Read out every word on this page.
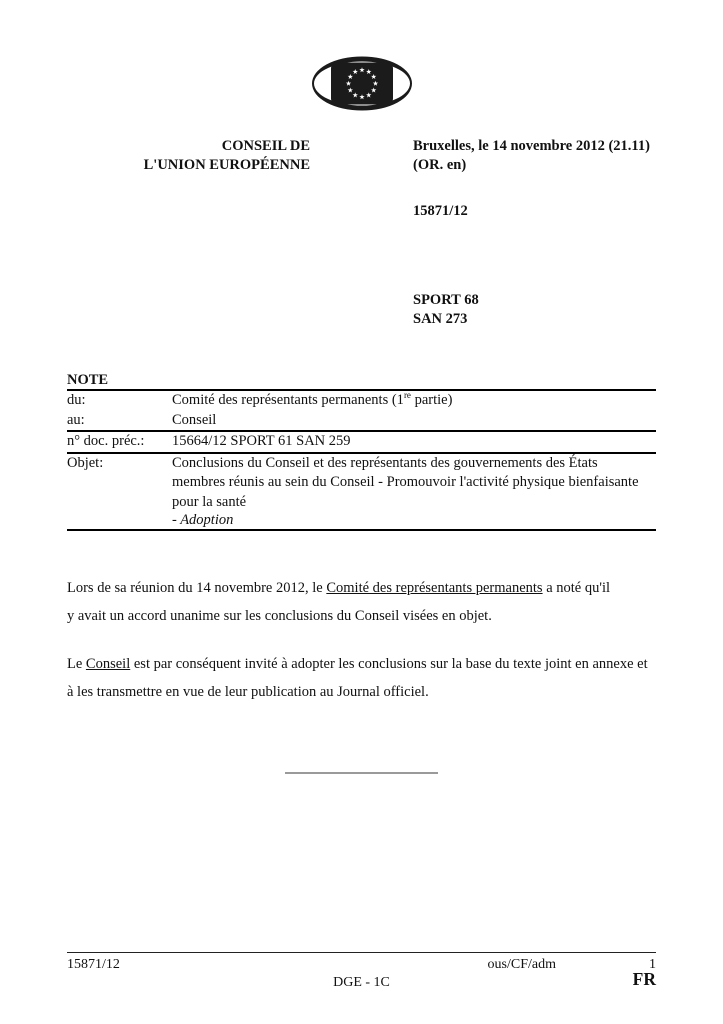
CONSEIL DE
L'UNION EUROPÉENNE
Bruxelles, le 14 novembre 2012 (21.11)
(OR. en)
15871/12
SPORT 68
SAN 273
NOTE
du:	Comité des représentants permanents (1re partie)
au:	Conseil
n° doc. préc.:	15664/12 SPORT 61 SAN 259
Objet:	Conclusions du Conseil et des représentants des gouvernements des États
membres réunis au sein du Conseil - Promouvoir l'activité physique bienfaisante
pour la santé
- Adoption
Lors de sa réunion du 14 novembre 2012, le Comité des représentants permanents a noté qu'il
y avait un accord unanime sur les conclusions du Conseil visées en objet.
Le Conseil est par conséquent invité à adopter les conclusions sur la base du texte joint en annexe et
à les transmettre en vue de leur publication au Journal officiel.
15871/12	ous/CF/adm	1
DGE - 1C	FR
